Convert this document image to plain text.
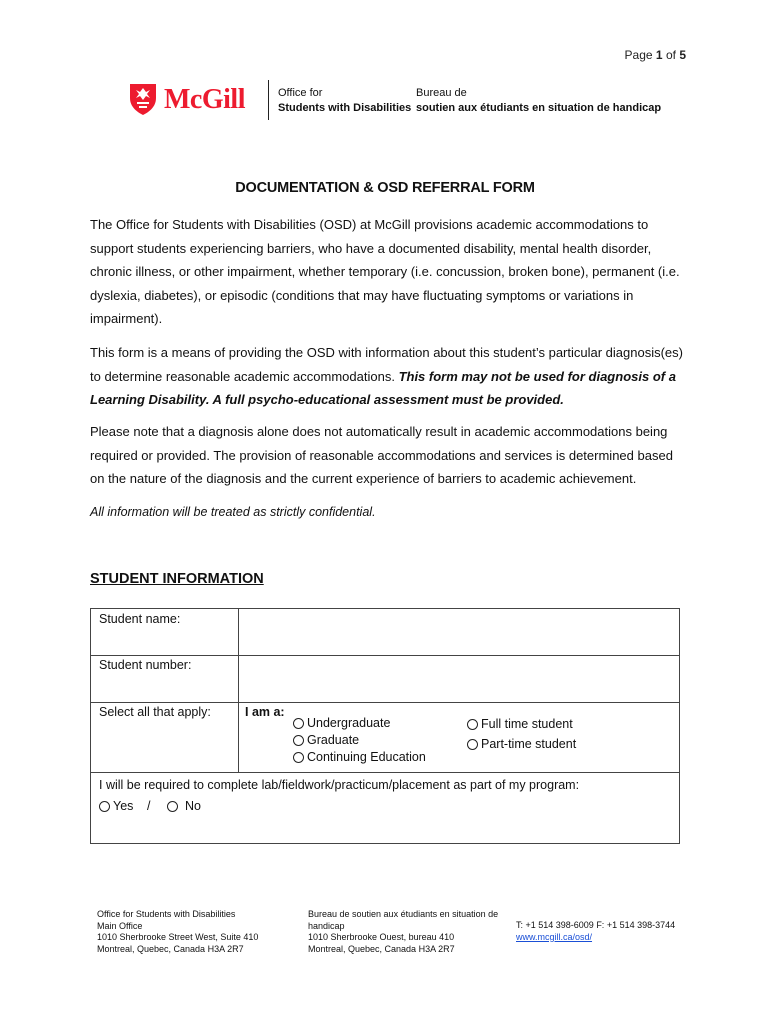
Page 1 of 5
McGill	Office for
Students with Disabilities
Bureau de
soutien aux étudiants en situation de handicap
DOCUMENTATION & OSD REFERRAL FORM
The Office for Students with Disabilities (OSD) at McGill provisions academic accommodations to support students experiencing barriers, who have a documented disability, mental health disorder, chronic illness, or other impairment, whether temporary (i.e. concussion, broken bone), permanent (i.e. dyslexia, diabetes), or episodic (conditions that may have fluctuating symptoms or variations in impairment).
This form is a means of providing the OSD with information about this student’s particular diagnosis(es) to determine reasonable academic accommodations. This form may not be used for diagnosis of a Learning Disability. A full psycho-educational assessment must be provided.
Please note that a diagnosis alone does not automatically result in academic accommodations being required or provided. The provision of reasonable accommodations and services is determined based on the nature of the diagnosis and the current experience of barriers to academic achievement.
All information will be treated as strictly confidential.
STUDENT INFORMATION
Student name:
Student number:
Select all that apply:	I am a:
Undergraduate
Graduate
Continuing Education
Full time student
Part-time student
I will be required to complete lab/fieldwork/practicum/placement as part of my program:
Yes /	No
Office for Students with Disabilities
Main Office
1010 Sherbrooke Street West, Suite 410
Montreal, Quebec, Canada H3A 2R7
Bureau de soutien aux étudiants en situation de
handicap
1010 Sherbrooke Ouest, bureau 410
Montreal, Quebec, Canada H3A 2R7
T: +1 514 398-6009 F: +1 514 398-3744
www.mcgill.ca/osd/
